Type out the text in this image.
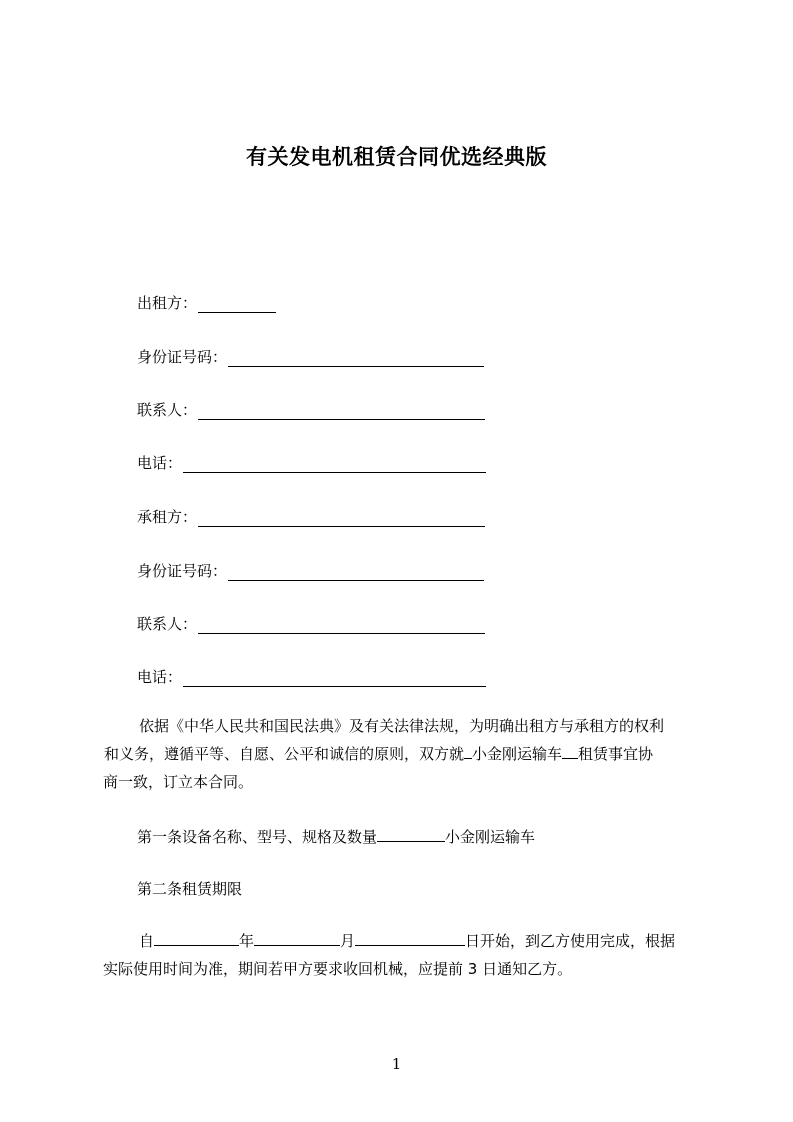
有关发电机租赁合同优选经典版
出租方：
身份证号码：
联系人：
电话：
承租方：
身份证号码：
联系人：
电话：
依据《中华人民共和国民法典》及有关法律法规，为明确出租方与承租方的权利
和义务，遵循平等、自愿、公平和诚信的原则，双方就 小金刚运输车 租赁事宜协
商一致，订立本合同。
第一条设备名称、型号、规格及数量	小金刚运输车
第二条租赁期限
自	年	月	日开始，到乙方使用完成，根据
实际使用时间为准，期间若甲方要求收回机械，应提前 3 日通知乙方。
1
